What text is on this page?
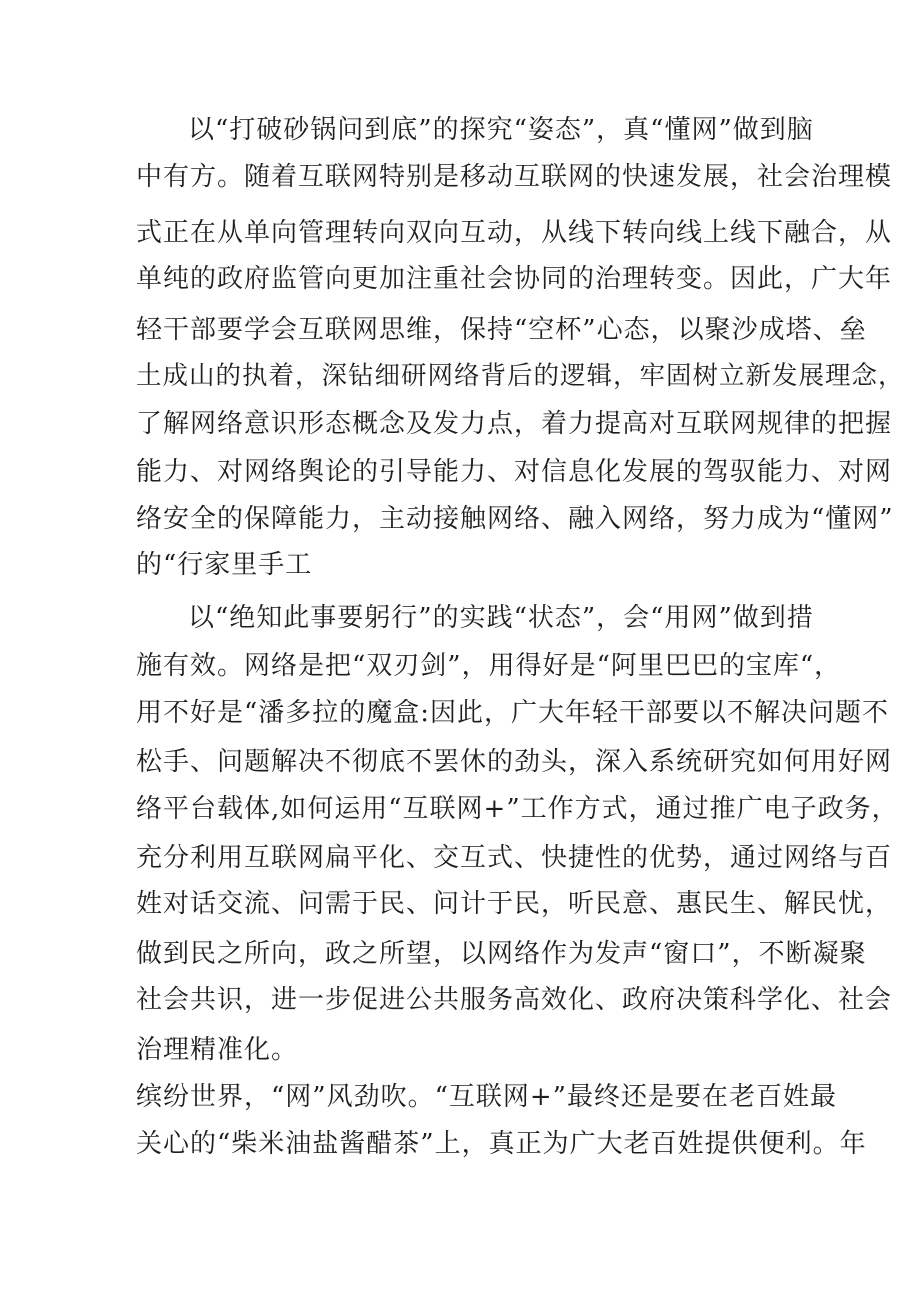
以“打破砂锅问到底”的探究“姿态”，真“懂网”做到脑
中有方。随着互联网特别是移动互联网的快速发展，社会治理模
式正在从单向管理转向双向互动，从线下转向线上线下融合，从
单纯的政府监管向更加注重社会协同的治理转变。因此，广大年
轻干部要学会互联网思维，保持“空杯”心态，以聚沙成塔、垒
土成山的执着，深钻细研网络背后的逻辑，牢固树立新发展理念，
了解网络意识形态概念及发力点，着力提高对互联网规律的把握
能力、对网络舆论的引导能力、对信息化发展的驾驭能力、对网
络安全的保障能力，主动接触网络、融入网络，努力成为“懂网”
的“行家里手工
以“绝知此事要躬行”的实践“状态”，会“用网”做到措
施有效。网络是把“双刃剑”，用得好是“阿里巴巴的宝库“，
用不好是“潘多拉的魔盒:因此，广大年轻干部要以不解决问题不
松手、问题解决不彻底不罢休的劲头，深入系统研究如何用好网
络平台载体,如何运用“互联网+”工作方式，通过推广电子政务，
充分利用互联网扁平化、交互式、快捷性的优势，通过网络与百
姓对话交流、问需于民、问计于民，听民意、惠民生、解民忧，
做到民之所向，政之所望，以网络作为发声“窗口”，不断凝聚
社会共识，进一步促进公共服务高效化、政府决策科学化、社会
治理精准化。
缤纷世界，“网”风劲吹。“互联网+”最终还是要在老百姓最
关心的“柴米油盐酱醋茶”上，真正为广大老百姓提供便利。年
